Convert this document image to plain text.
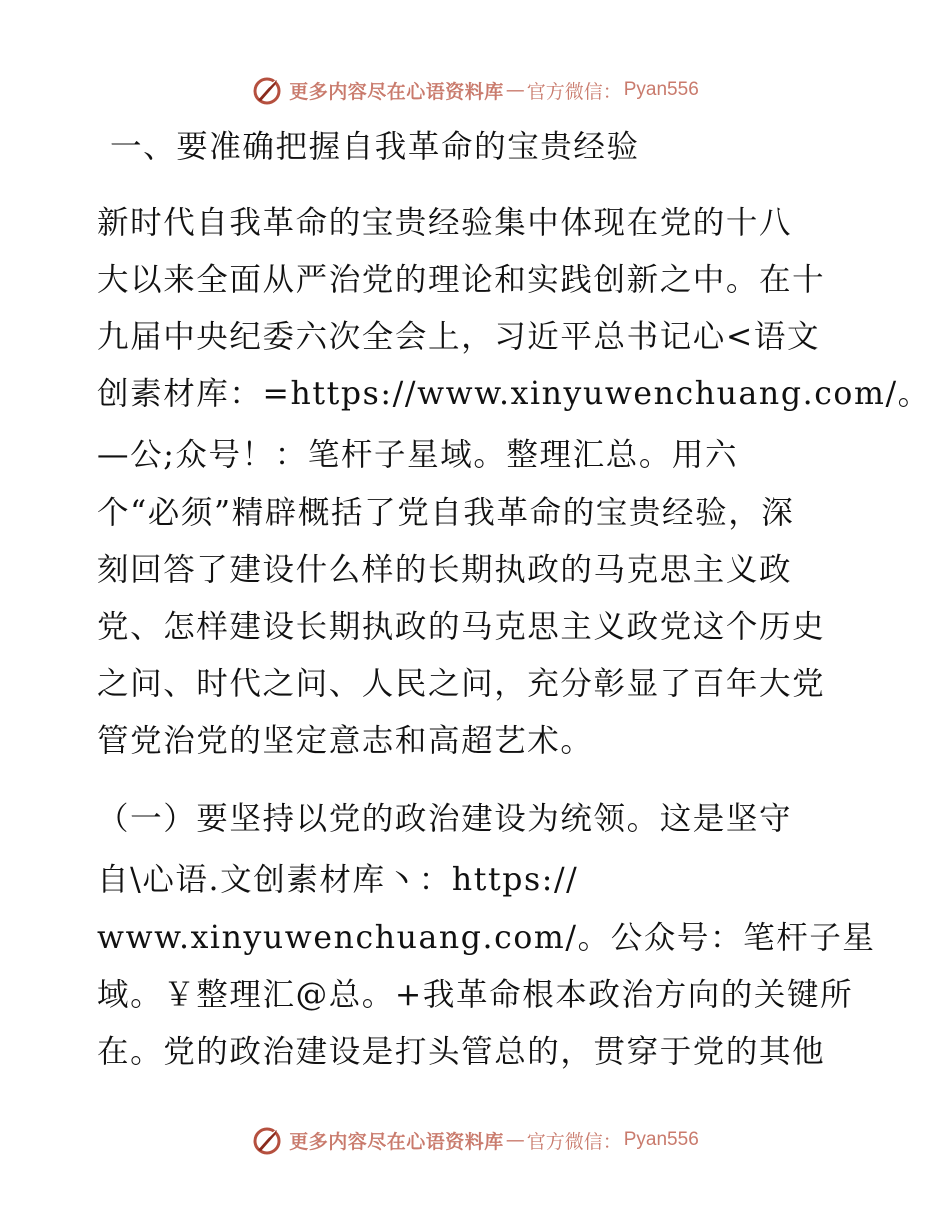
更多内容尽在心语资料库 — 官方微信： Pyan556
一、要准确把握自我革命的宝贵经验
新时代自我革命的宝贵经验集中体现在党的十八
大以来全面从严治党的理论和实践创新之中。在十
九届中央纪委六次全会上，习近平总书记心<语文
创素材库：=https://www.xinyuwenchuang.com/。
—公;众号！：笔杆子星域。整理汇总。用六
个“必须”精辟概括了党自我革命的宝贵经验，深
刻回答了建设什么样的长期执政的马克思主义政
党、怎样建设长期执政的马克思主义政党这个历史
之问、时代之问、人民之问，充分彰显了百年大党
管党治党的坚定意志和高超艺术。
（一）要坚持以党的政治建设为统领。这是坚守
自\心语.文创素材库丶：https://
www.xinyuwenchuang.com/。公众号：笔杆子星
域。￥整理汇@总。+我革命根本政治方向的关键所
在。党的政治建设是打头管总的，贯穿于党的其他
更多内容尽在心语资料库 — 官方微信： Pyan556
